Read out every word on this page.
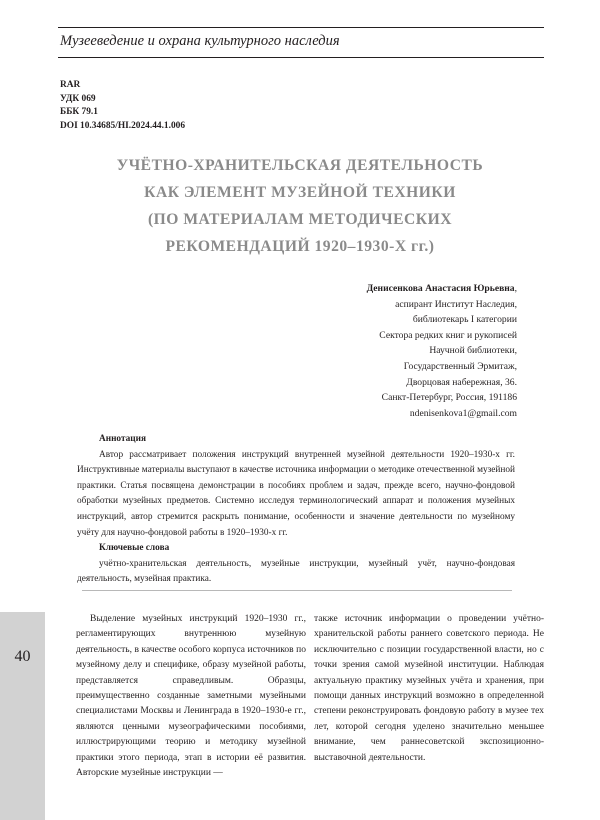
Музееведение и охрана культурного наследия
RAR
УДК 069
ББК 79.1
DOI 10.34685/HI.2024.44.1.006
УЧЁТНО-ХРАНИТЕЛЬСКАЯ ДЕЯТЕЛЬНОСТЬ
КАК ЭЛЕМЕНТ МУЗЕЙНОЙ ТЕХНИКИ
(ПО МАТЕРИАЛАМ МЕТОДИЧЕСКИХ
РЕКОМЕНДАЦИЙ 1920–1930-Х гг.)
Денисенкова Анастасия Юрьевна,
аспирант Институт Наследия,
библиотекарь I категории
Сектора редких книг и рукописей
Научной библиотеки,
Государственный Эрмитаж,
Дворцовая набережная, 36.
Санкт-Петербург, Россия, 191186
ndenisenkova1@gmail.com
Аннотация
Автор рассматривает положения инструкций внутренней музейной деятельности 1920–1930-х гг. Инструктивные материалы выступают в качестве источника информации о методике отечественной музейной практики. Статья посвящена демонстрации в пособиях проблем и задач, прежде всего, научно-фондовой обработки музейных предметов. Системно исследуя терминологический аппарат и положения музейных инструкций, автор стремится раскрыть понимание, особенности и значение деятельности по музейному учёту для научно-фондовой работы в 1920–1930-х гг.
Ключевые слова
учётно-хранительская деятельность, музейные инструкции, музейный учёт, научно-фондовая деятельность, музейная практика.
Выделение музейных инструкций 1920–1930 гг., регламентирующих внутреннюю музейную деятельность, в качестве особого корпуса источников по музейному делу и специфике, образу музейной работы, представляется справедливым. Образцы, преимущественно созданные заметными музейными специалистами Москвы и Ленинграда в 1920–1930-е гг., являются ценными музеографическими пособиями, иллюстрирующими теорию и методику музейной практики этого периода, этап в истории её развития. Авторские музейные инструкции —
также источник информации о проведении учётно-хранительской работы раннего советского периода. Не исключительно с позиции государственной власти, но с точки зрения самой музейной институции. Наблюдая актуальную практику музейных учёта и хранения, при помощи данных инструкций возможно в определенной степени реконструировать фондовую работу в музее тех лет, которой сегодня уделено значительно меньшее внимание, чем раннесоветской экспозиционно-выставочной деятельности.
40
